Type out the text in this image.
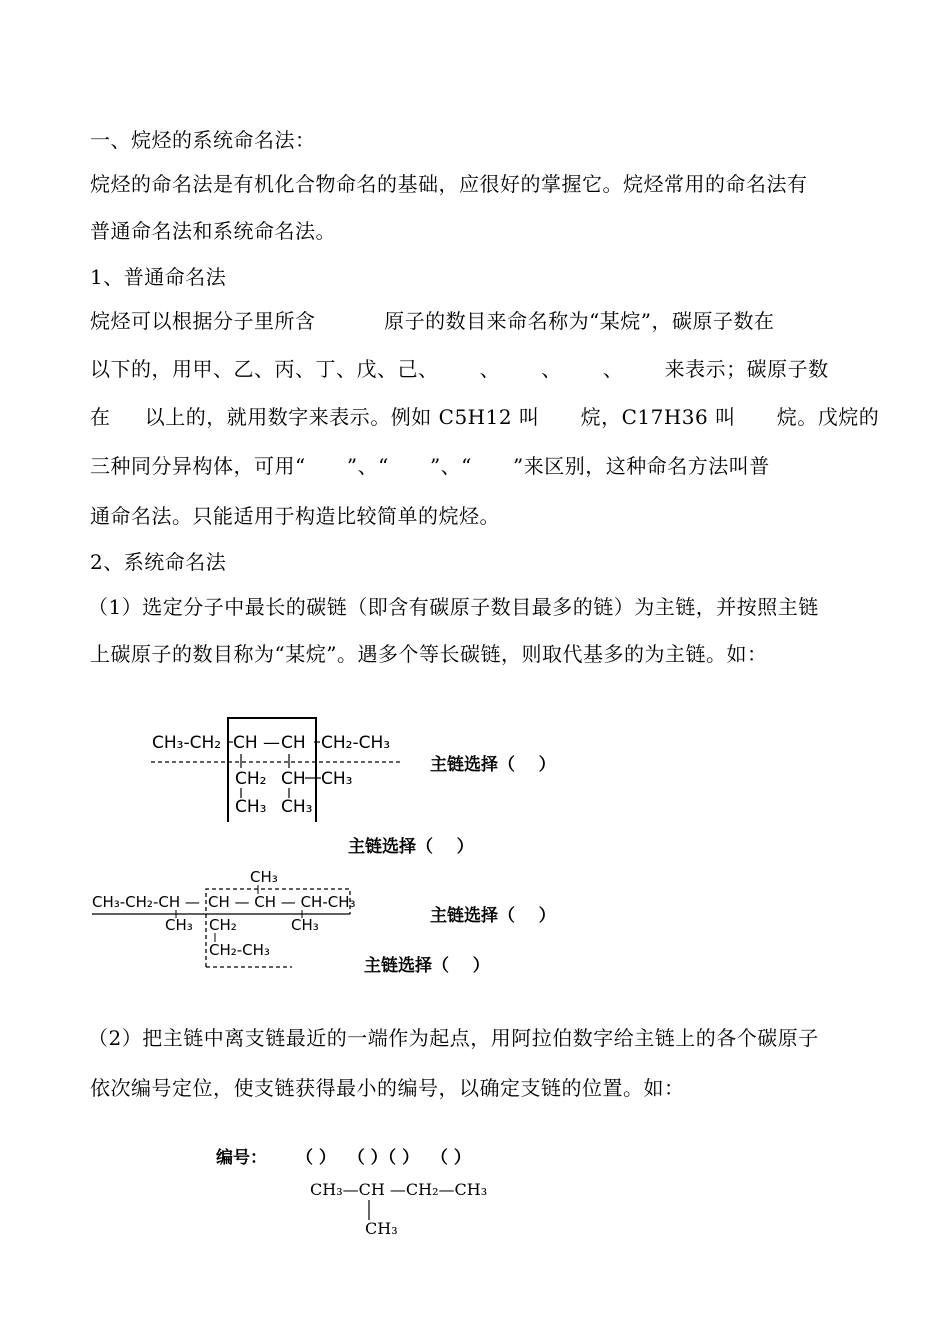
一、烷烃的系统命名法：
烷烃的命名法是有机化合物命名的基础，应很好的掌握它。烷烃常用的命名法有
普通命名法和系统命名法。
1、普通命名法
烷烃可以根据分子里所含          原子的数目来命名称为“某烷”，碳原子数在
以下的，用甲、乙、丙、丁、戊、己、      、      、      、      来表示；碳原子数
在     以上的，就用数字来表示。例如 C5H12 叫      烷，C17H36 叫      烷。戊烷的
三种同分异构体，可用“      ”、“      ”、“      ”来区别，这种命名方法叫普
通命名法。只能适用于构造比较简单的烷烃。
2、系统命名法
（1）选定分子中最长的碳链（即含有碳原子数目最多的链）为主链，并按照主链
上碳原子的数目称为“某烷”。遇多个等长碳链，则取代基多的为主链。如：
CH₃-CH₂ CH — CH CH₂-CH₃
CH₂
CH₃
CH
CH₃
CH₃
主链选择（    ）
主链选择（    ）
CH₃
CH₃-CH₂-CH — CH — CH — CH-CH₃
CH₃ CH₂	CH₃
CH₂-CH₃
主链选择（    ）
主链选择（    ）
（2）把主链中离支链最近的一端作为起点，用阿拉伯数字给主链上的各个碳原子
依次编号定位，使支链获得最小的编号，以确定支链的位置。如：
编号： （ ）  （ ）（ ）  （ ）
CH₃—CH —CH₂—CH₃
CH₃
